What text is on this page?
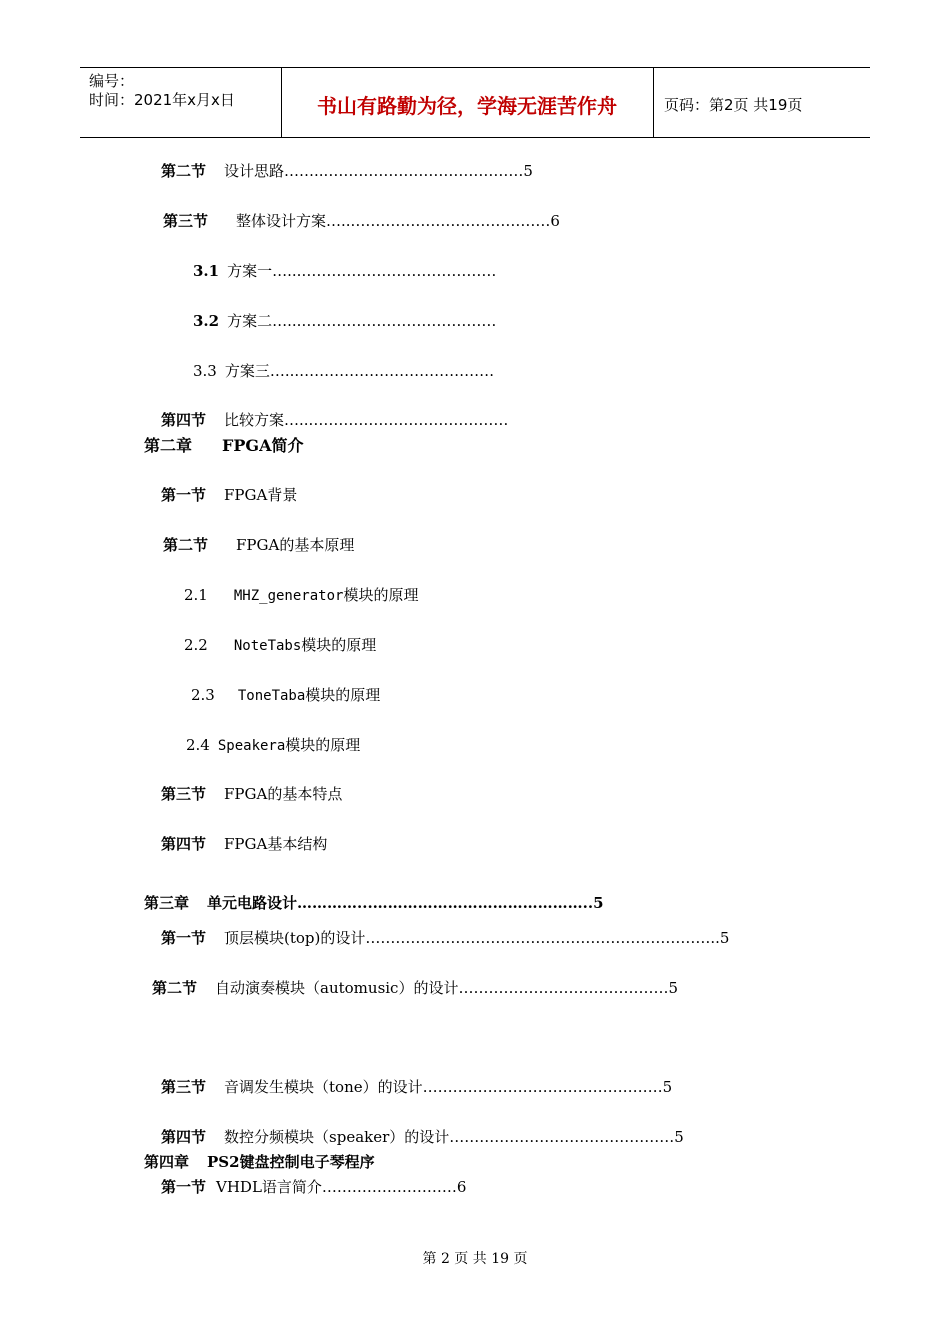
编号：
时间：2021年x月x日	书山有路勤为径，学海无涯苦作舟	页码：第2页 共19页
第二节 设计思路……...…………………………………5
第三节 整体设计方案…...…………………………………6
3.1 方案一…...…………………………………
3.2 方案二…...…………………………………
3.3 方案三…...…………………………………
第四节 比较方案…...…………………………………
第二章 FPGA简介
第一节 FPGA背景
第二节 FPGA的基本原理
2.1 MHZ_generator模块的原理
2.2 NoteTabs模块的原理
2.3 ToneTaba模块的原理
2.4 Speakera模块的原理
第三节 FPGA的基本特点
第四节 FPGA基本结构
第三章 单元电路设计…………...……………………………………..5
第一节 顶层模块(top)的设计……………………………………………………………..5
第二节 自动演奏模块（automusic）的设计……………………………………5
第三节 音调发生模块（tone）的设计…………………………………………5
第四节 数控分频模块（speaker）的设计………………………………………5
第四章 PS2键盘控制电子琴程序
第一节 VHDL语言简介………………………6
第 2 页 共 19 页
